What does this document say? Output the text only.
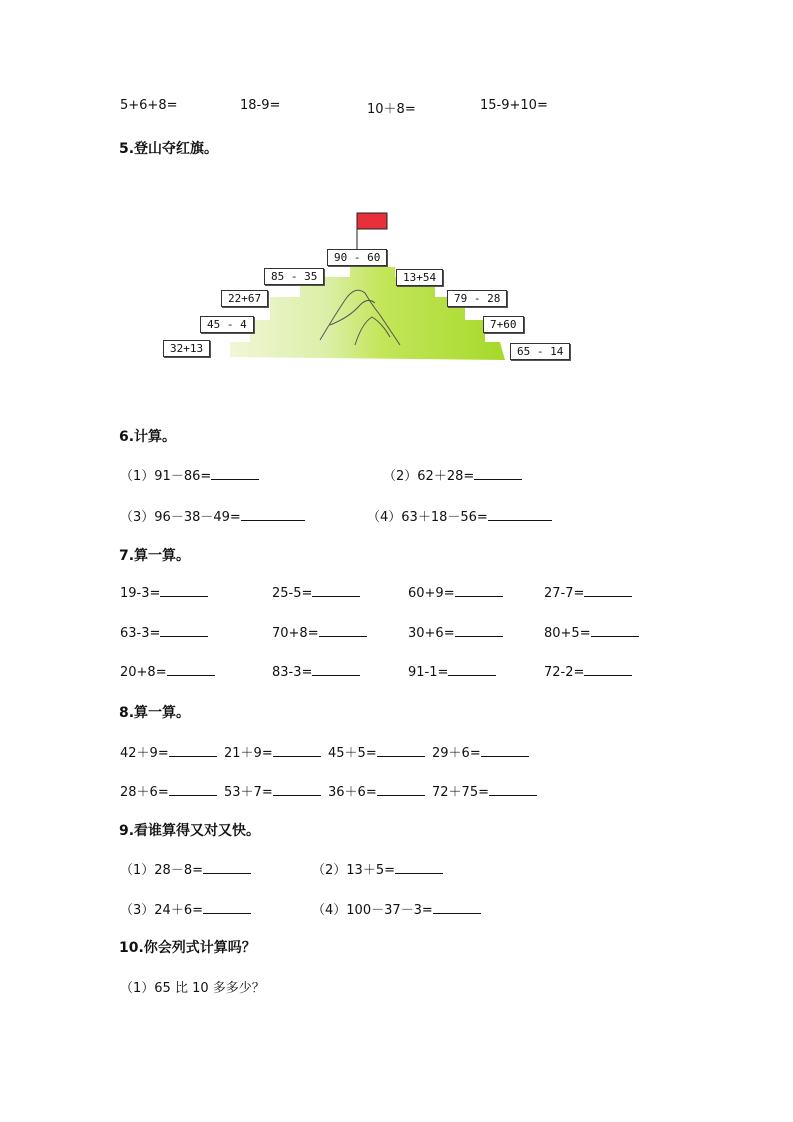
5+6+8=	18-9=	10＋8=	15-9+10=
5.登山夺红旗。
90 - 60
85 - 35
22+67
45 - 4
32+13
13+54
79 - 28
7+60
65 - 14
6.计算。
（1）91－86=	（2）62＋28=
（3）96－38－49=	（4）63＋18－56=
7.算一算。
19-3=	25-5=	60+9=	27-7=
63-3=	70+8=	30+6=	80+5=
20+8=	83-3=	91-1=	72-2=
8.算一算。
42＋9=	21＋9=	45＋5=	29＋6=
28＋6=	53＋7=	36＋6=	72＋75=
9.看谁算得又对又快。
（1）28－8=	（2）13＋5=
（3）24＋6=	（4）100－37－3=
10.你会列式计算吗？
（1）65 比 10 多多少？
